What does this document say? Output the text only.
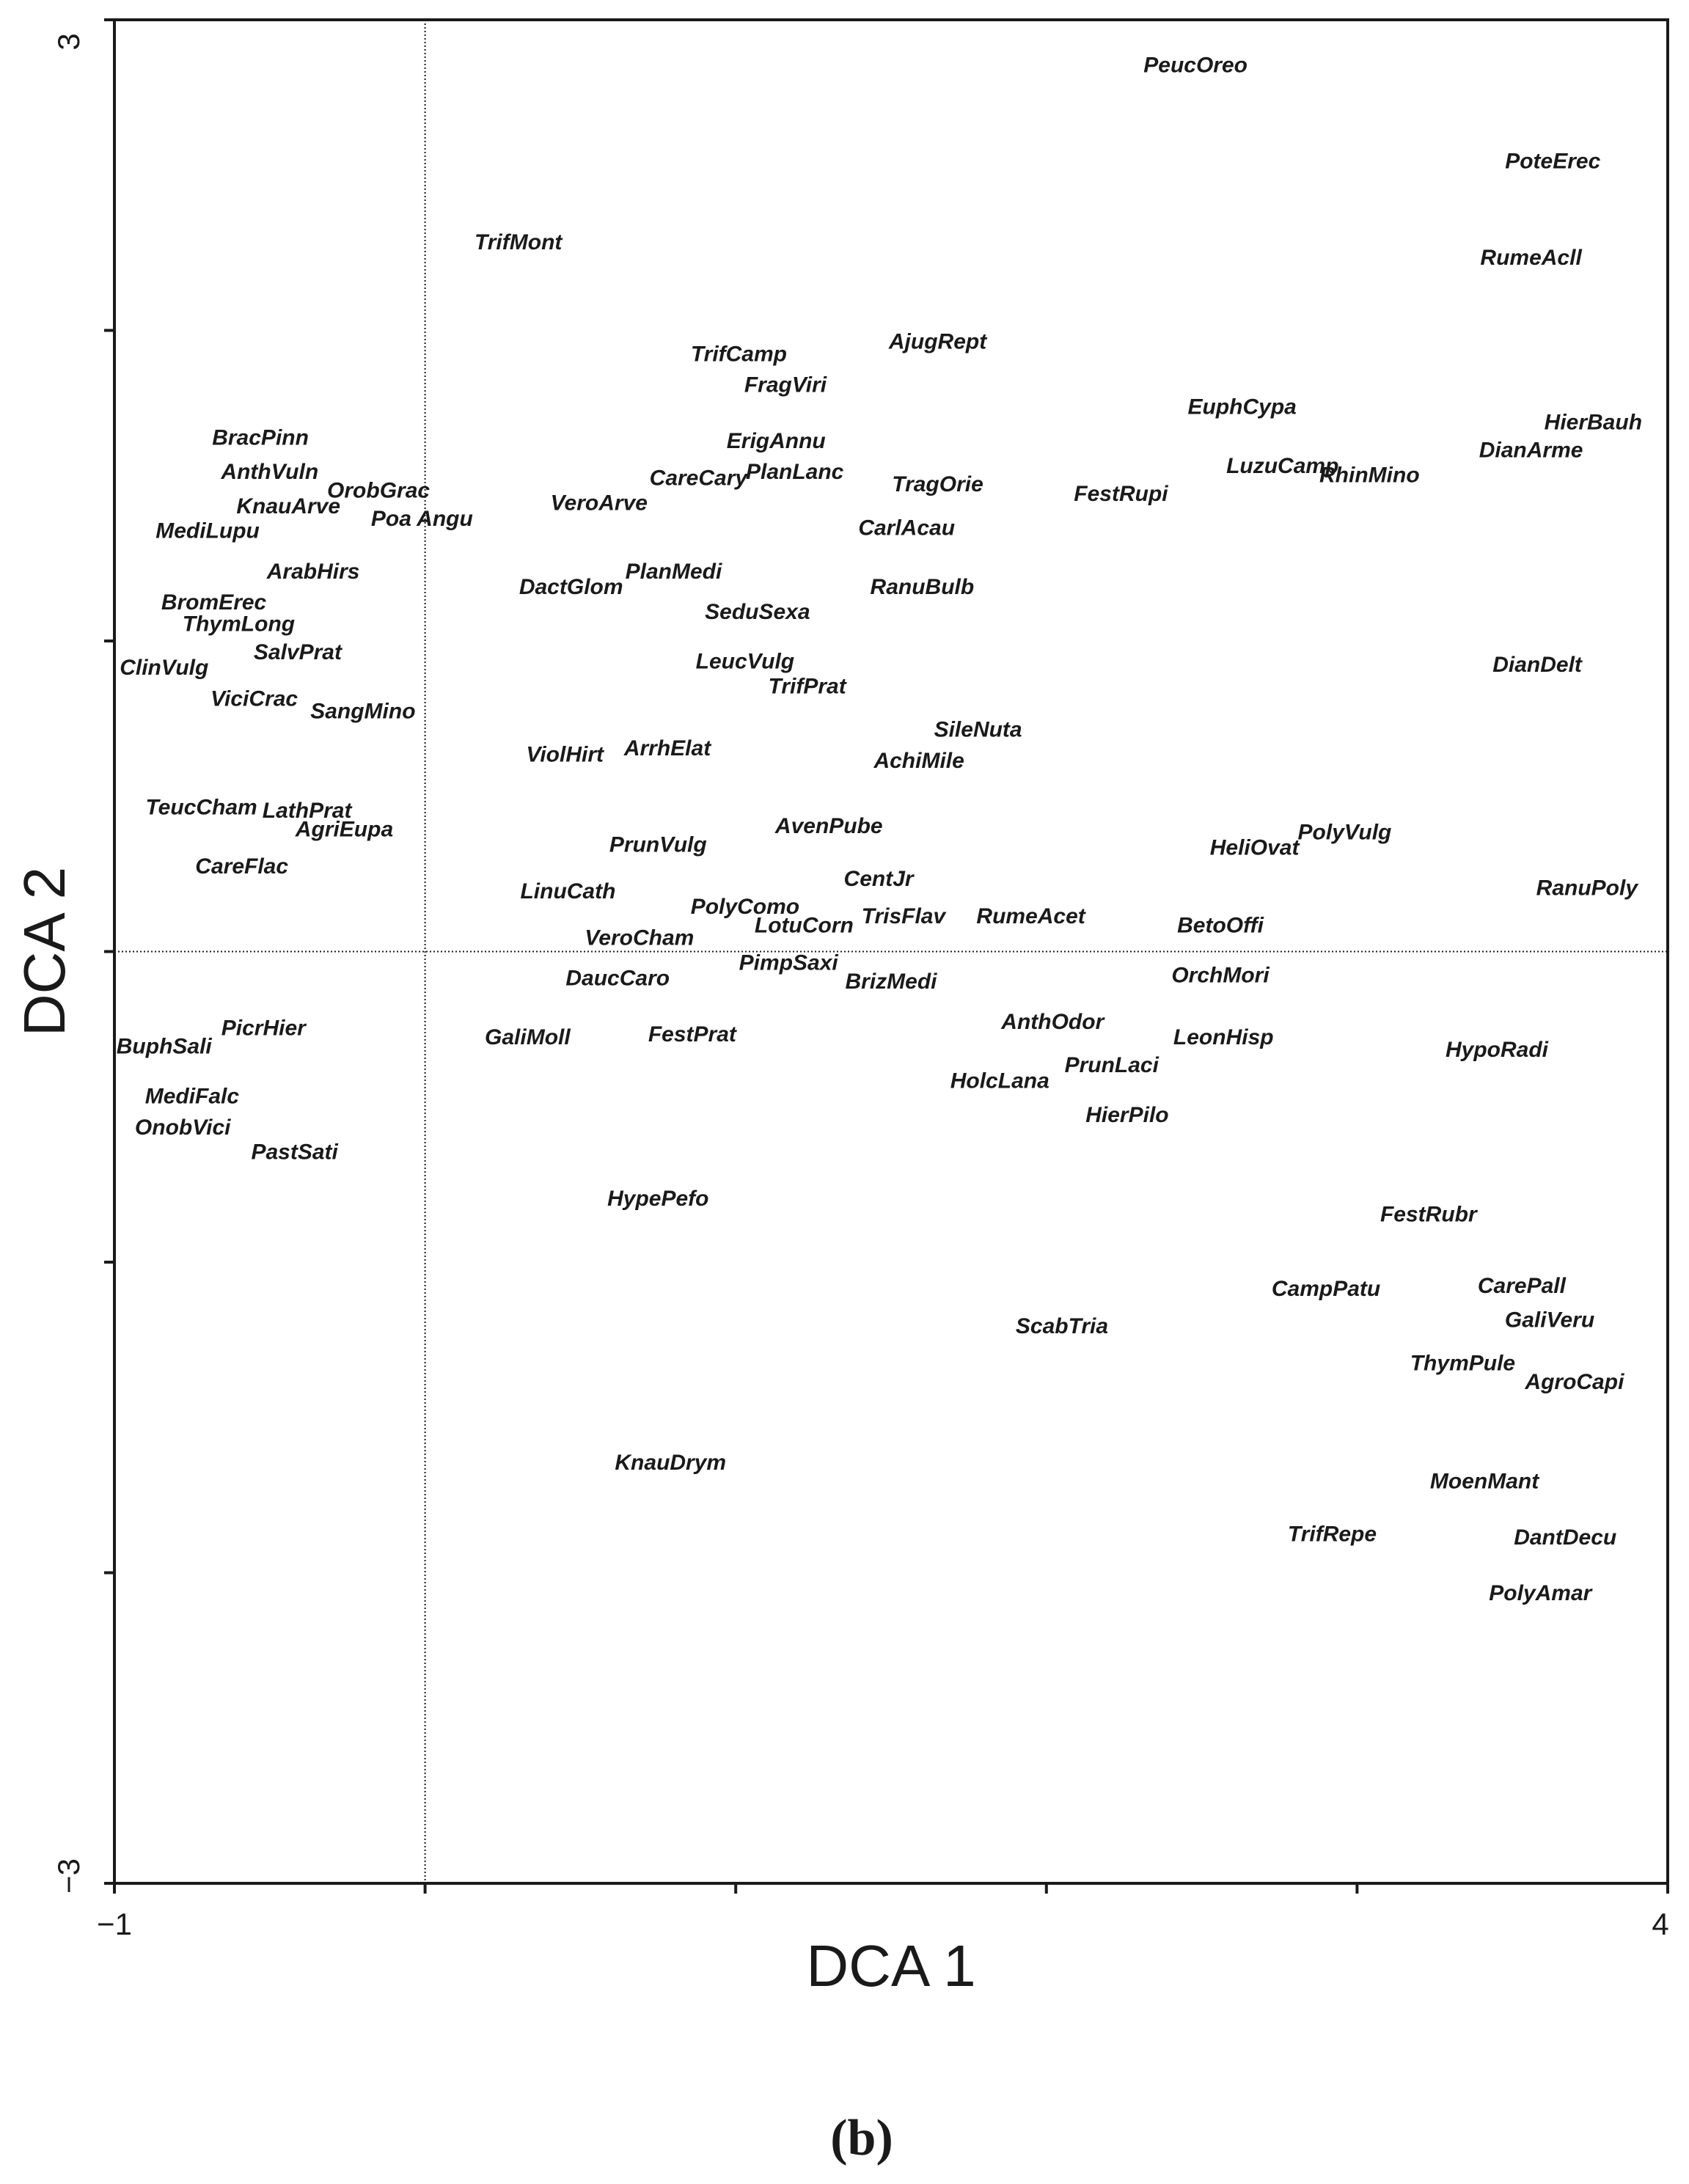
PeucOreo
PoteErec
RumeAcll
TrifMont
AjugRept
TrifCamp
FragViri
EuphCypa
HierBauh
DianArme
BracPinn	ErigAnnu
AnthVuln	LuzuCamp
RhinMino
CareCary
PlanLanc
TragOrie	FestRupi
OrobGrac
KnauArve
Poa Angu
VeroArve
MediLupu	CarlAcau
ArabHirs	PlanMedi
DactGlom	RanuBulb
BromErec	SeduSexa
ThymLong
SalvPrat	LeucVulg	DianDelt
ClinVulg
TrifPrat
ViciCrac
SangMino
SileNuta
ViolHirt ArrhElat
AchiMile
TeucCham LathPrat
AvenPube
AgriEupa
PrunVulg
PolyVulg
HeliOvat
CareFlac
CentJr	RanuPoly
LinuCath
PolyComo	TrisFlav RumeAcet
LotuCorn	BetoOffi
VeroCham
PimpSaxi
OrchMori
DaucCaro	BrizMedi
AnthOdor
PicrHier	FestPrat
GaliMoll	LeonHisp
BuphSali	HypoRadi
PrunLaci
HolcLana
MediFalc
OnobVici
HierPilo
PastSati
HypePefo
FestRubr
CampPatu	CarePall
ScabTria	GaliVeru
ThymPule
AgroCapi
KnauDrym
MoenMant
TrifRepe	DantDecu
PolyAmar
−1	4
3
−3
DCA 1
DCA 2
(b)
